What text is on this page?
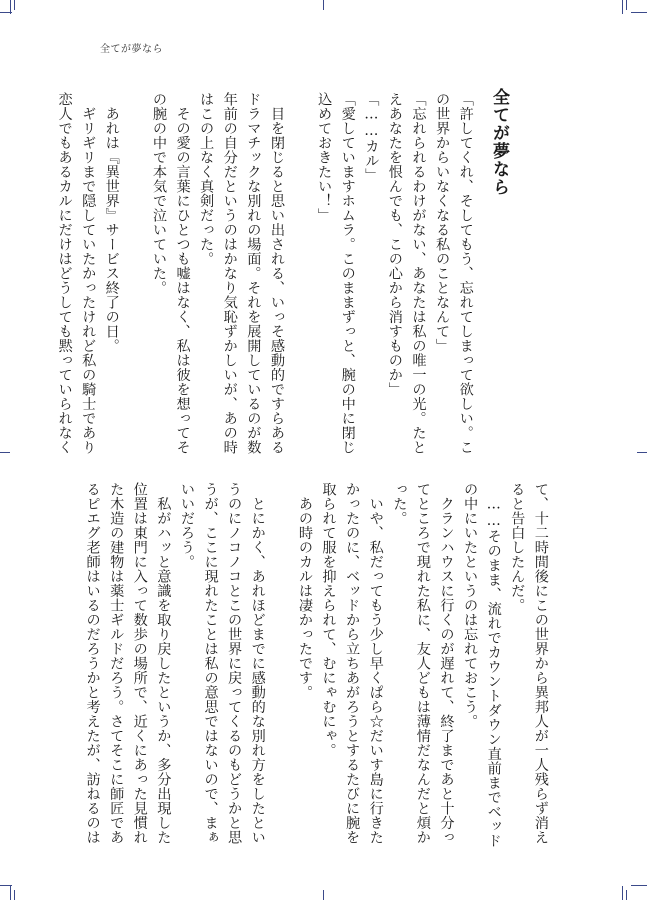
全てが夢なら
全てが夢なら

「許してくれ、そしてもう、忘れてしまって欲しい。こ

の世界からいなくなる私のことなんて」

「忘れられるわけがない、あなたは私の唯一の光。たと

えあなたを恨んでも、この心から消すものか」

「……カル」

「愛していますホムラ。このままずっと、腕の中に閉じ

込めておきたい！」

　目を閉じると思い出される、いっそ感動的ですらある

ドラマチックな別れの場面。それを展開しているのが数

年前の自分だというのはかなり気恥ずかしいが、あの時

はこの上なく真剣だった。

　その愛の言葉にひとつも嘘はなく、私は彼を想ってそ

の腕の中で本気で泣いていた。

　あれは『異世界』サービス終了の日。

　ギリギリまで隠していたかったけれど私の騎士であり

恋人でもあるカルにだけはどうしても黙っていられなく

て、十二時間後にこの世界から異邦人が一人残らず消え

ると告白したんだ。

　……そのまま、流れでカウントダウン直前までベッド

の中にいたというのは忘れておこう。

　クランハウスに行くのが遅れて、終了まであと十分っ

てところで現れた私に、友人どもは薄情だなんだと煩か

った。

　いや、私だってもう少し早くぱら☆だいす島に行きた

かったのに、ベッドから立ちあがろうとするたびに腕を

取られて服を抑えられて、むにゃむにゃ。

　あの時のカルは凄かったです。

　とにかく、あれほどまでに感動的な別れ方をしたとい

うのにノコノコとこの世界に戻ってくるのもどうかと思

うが、ここに現れたことは私の意思ではないので、まぁ

いいだろう。

　私がハッと意識を取り戻したというか、多分出現した

位置は東門に入って数歩の場所で、近くにあった見慣れ

た木造の建物は薬士ギルドだろう。さてそこに師匠であ

るピエグ老師はいるのだろうかと考えたが、訪ねるのは
